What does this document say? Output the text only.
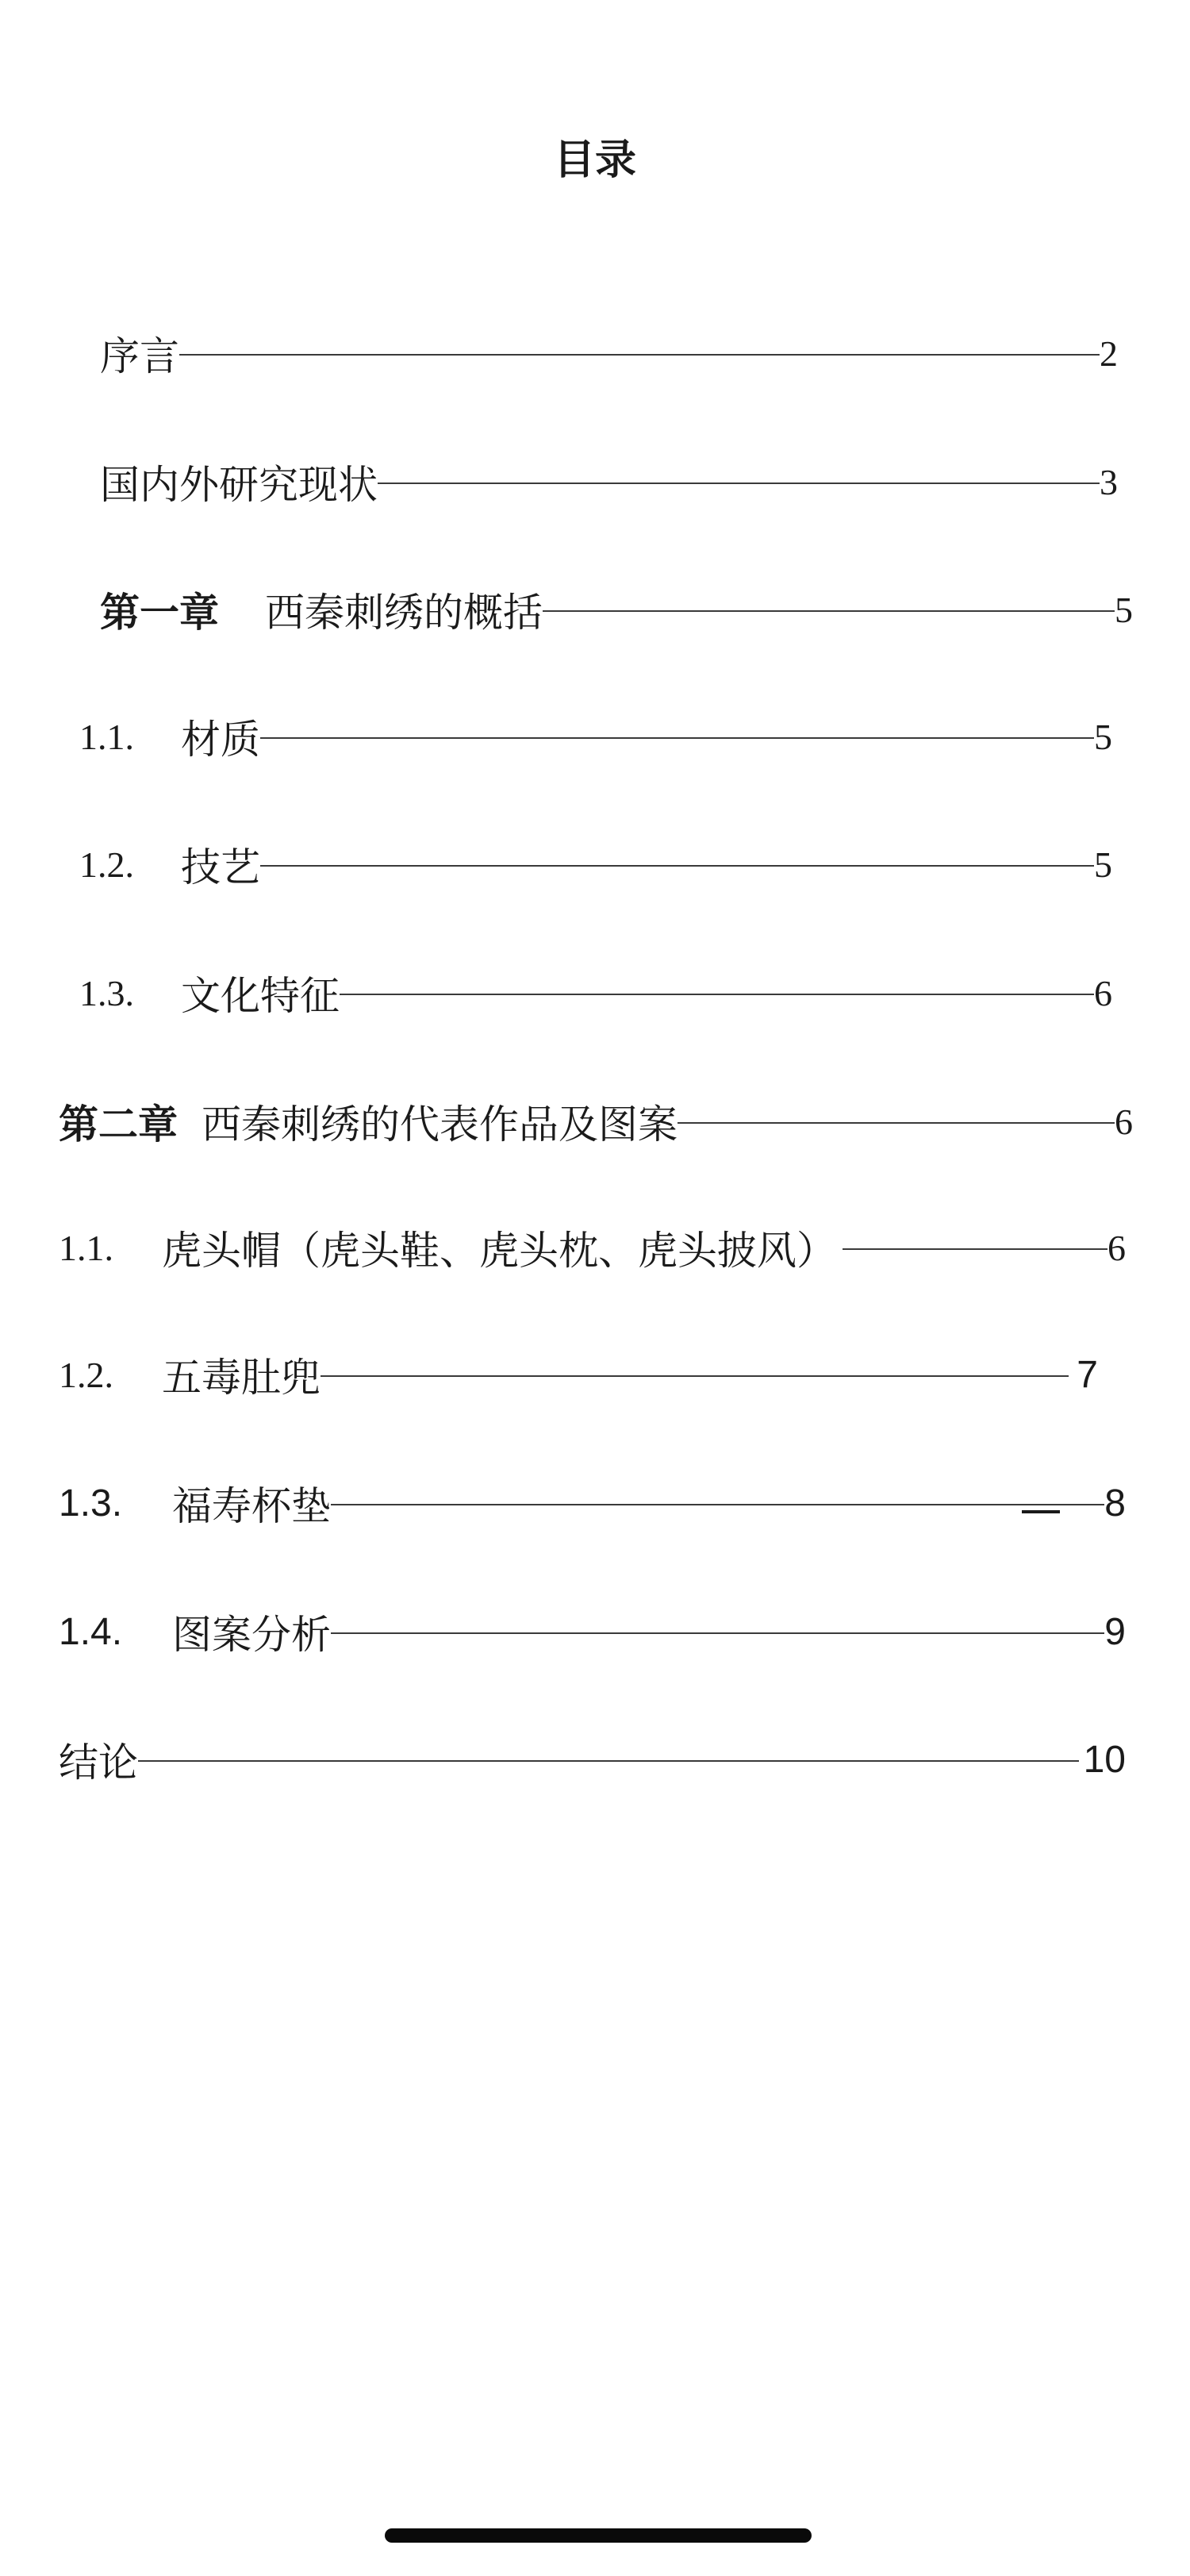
目录
序言	2
国内外研究现状	3
第一章 西秦刺绣的概括	5
1.1.	材质	5
1.2.	技艺	5
1.3.	文化特征	6
第二章 西秦刺绣的代表作品及图案	6
1.1.	虎头帽（虎头鞋、虎头枕、虎头披风）	6
1.2.	五毒肚兜	7
1.3.	福寿杯垫	8
1.4.	图案分析	9
结论	10
